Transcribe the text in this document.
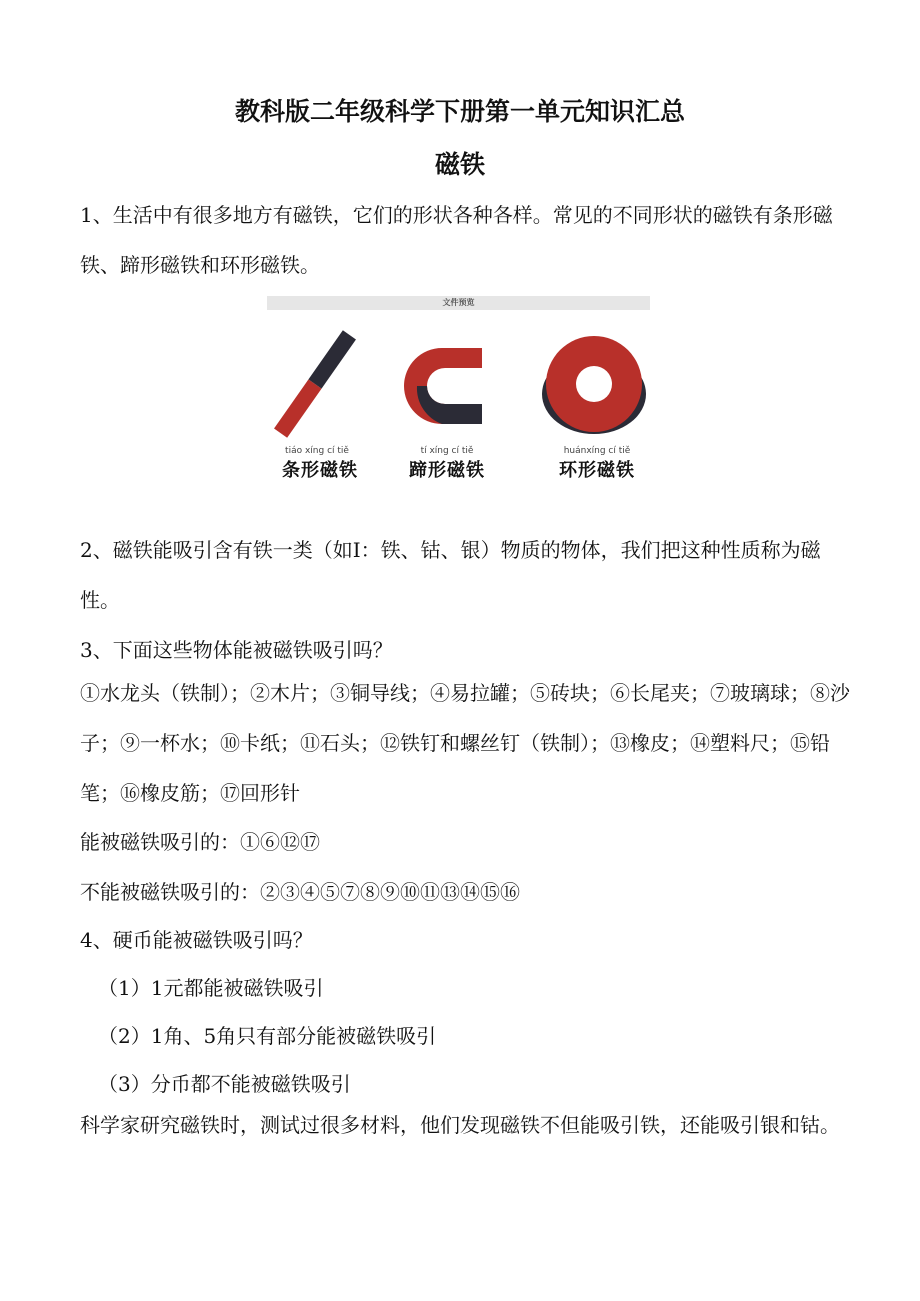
教科版二年级科学下册第一单元知识汇总
磁铁

1、生活中有很多地方有磁铁，它们的形状各种各样。常见的不同形状的磁铁有条形磁铁、蹄形磁铁和环形磁铁。

文件预览
tiáo xíng cí tiě
条形磁铁
tí xíng cí tiě
蹄形磁铁
huánxíng cí tiě
环形磁铁

2、磁铁能吸引含有铁一类（如I：铁、钴、银）物质的物体，我们把这种性质称为磁性。

3、下面这些物体能被磁铁吸引吗？

①水龙头（铁制）；②木片；③铜导线；④易拉罐；⑤砖块；⑥长尾夹；⑦玻璃球；⑧沙子；⑨一杯水；⑩卡纸；⑪石头；⑫铁钉和螺丝钉（铁制）；⑬橡皮；⑭塑料尺；⑮铅笔；⑯橡皮筋；⑰回形针

能被磁铁吸引的：①⑥⑫⑰
不能被磁铁吸引的：②③④⑤⑦⑧⑨⑩⑪⑬⑭⑮⑯
4、硬币能被磁铁吸引吗？
（1）1元都能被磁铁吸引
（2）1角、5角只有部分能被磁铁吸引
（3）分币都不能被磁铁吸引

科学家研究磁铁时，测试过很多材料，他们发现磁铁不但能吸引铁，还能吸引银和钴。
